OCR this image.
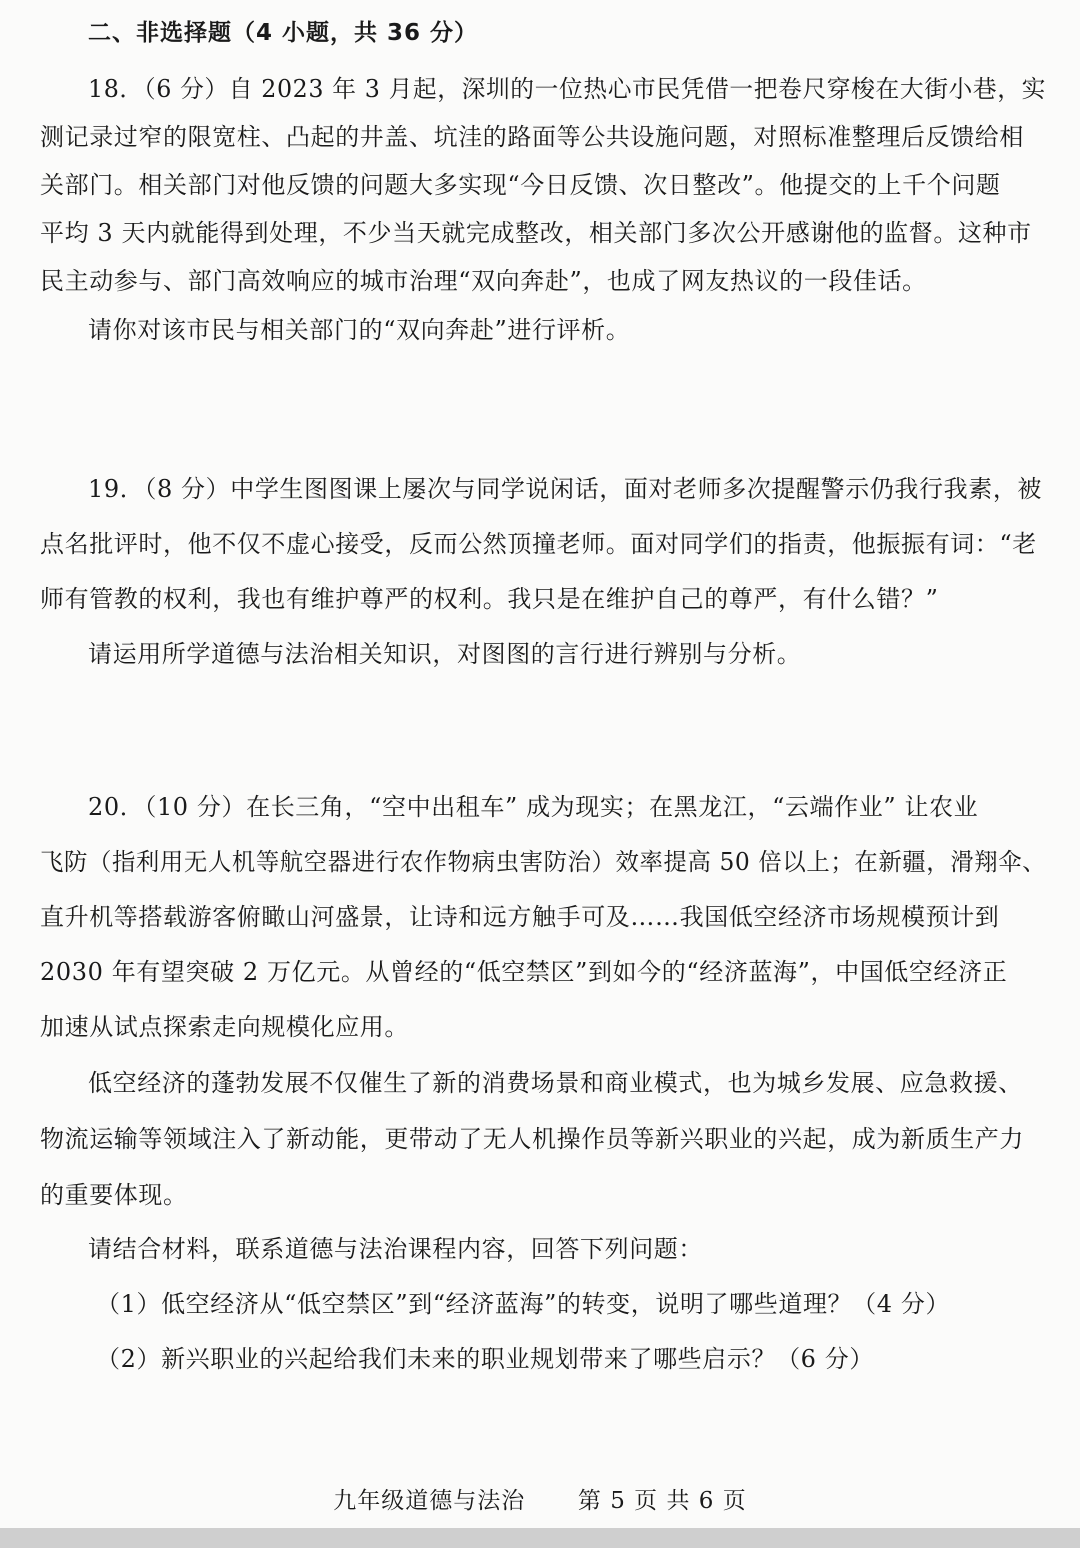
二、非选择题（4 小题，共 36 分）
18．（6 分）自 2023 年 3 月起，深圳的一位热心市民凭借一把卷尺穿梭在大街小巷，实
测记录过窄的限宽柱、凸起的井盖、坑洼的路面等公共设施问题，对照标准整理后反馈给相
关部门。相关部门对他反馈的问题大多实现“今日反馈、次日整改”。他提交的上千个问题
平均 3 天内就能得到处理，不少当天就完成整改，相关部门多次公开感谢他的监督。这种市
民主动参与、部门高效响应的城市治理“双向奔赴”，也成了网友热议的一段佳话。
请你对该市民与相关部门的“双向奔赴”进行评析。
19．（8 分）中学生图图课上屡次与同学说闲话，面对老师多次提醒警示仍我行我素，被
点名批评时，他不仅不虚心接受，反而公然顶撞老师。面对同学们的指责，他振振有词：“老
师有管教的权利，我也有维护尊严的权利。我只是在维护自己的尊严，有什么错？”
请运用所学道德与法治相关知识，对图图的言行进行辨别与分析。
20．（10 分）在长三角，“空中出租车” 成为现实；在黑龙江，“云端作业” 让农业
飞防（指利用无人机等航空器进行农作物病虫害防治）效率提高 50 倍以上；在新疆，滑翔伞、
直升机等搭载游客俯瞰山河盛景，让诗和远方触手可及……我国低空经济市场规模预计到
2030 年有望突破 2 万亿元。从曾经的“低空禁区”到如今的“经济蓝海”，中国低空经济正
加速从试点探索走向规模化应用。
低空经济的蓬勃发展不仅催生了新的消费场景和商业模式，也为城乡发展、应急救援、
物流运输等领域注入了新动能，更带动了无人机操作员等新兴职业的兴起，成为新质生产力
的重要体现。
请结合材料，联系道德与法治课程内容，回答下列问题：
（1）低空经济从“低空禁区”到“经济蓝海”的转变，说明了哪些道理？（4 分）
（2）新兴职业的兴起给我们未来的职业规划带来了哪些启示？（6 分）
九年级道德与法治 第 5 页 共 6 页
